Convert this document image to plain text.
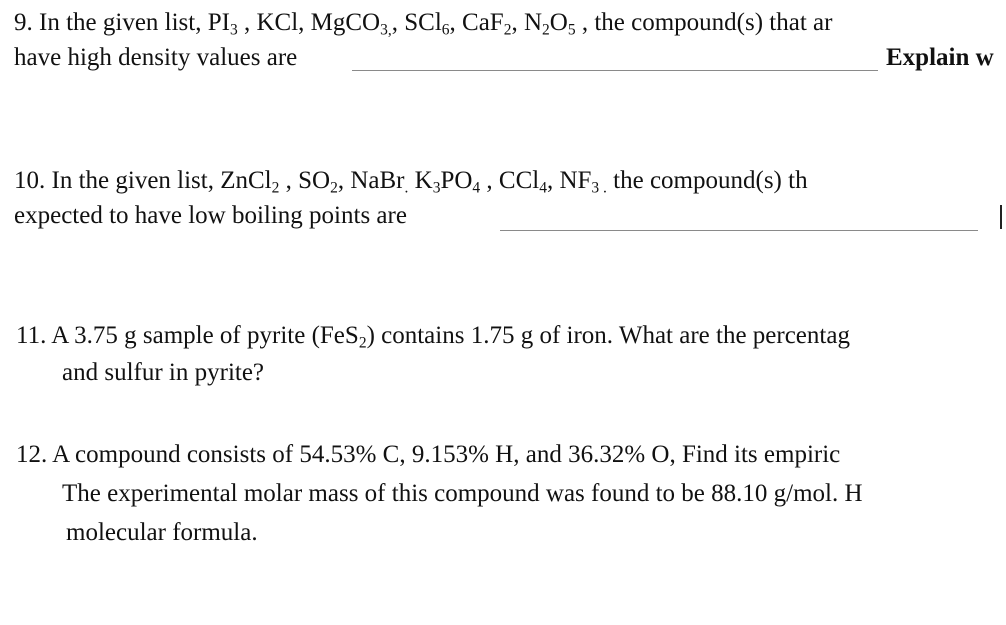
9. In the given list, $PI_3$ , KCl, MgCO$_{3,}$, SCl$_6$, CaF$_2$, $N_2O_5$ , the compound(s) that ar
have high density values are	Explain w
10. In the given list, ZnCl$_2$ , $SO_2$, NaBr$_.$ $K_3PO_4$ , CCl$_4$, $NF_{3 .}$ the compound(s) th
expected to have low boiling points are
11. A 3.75 g sample of pyrite (FeS$_2$) contains 1.75 g of iron. What are the percentag
and sulfur in pyrite?
12. A compound consists of 54.53% C, 9.153% H, and 36.32% O, Find its empiric
The experimental molar mass of this compound was found to be 88.10 g/mol. H
molecular formula.
